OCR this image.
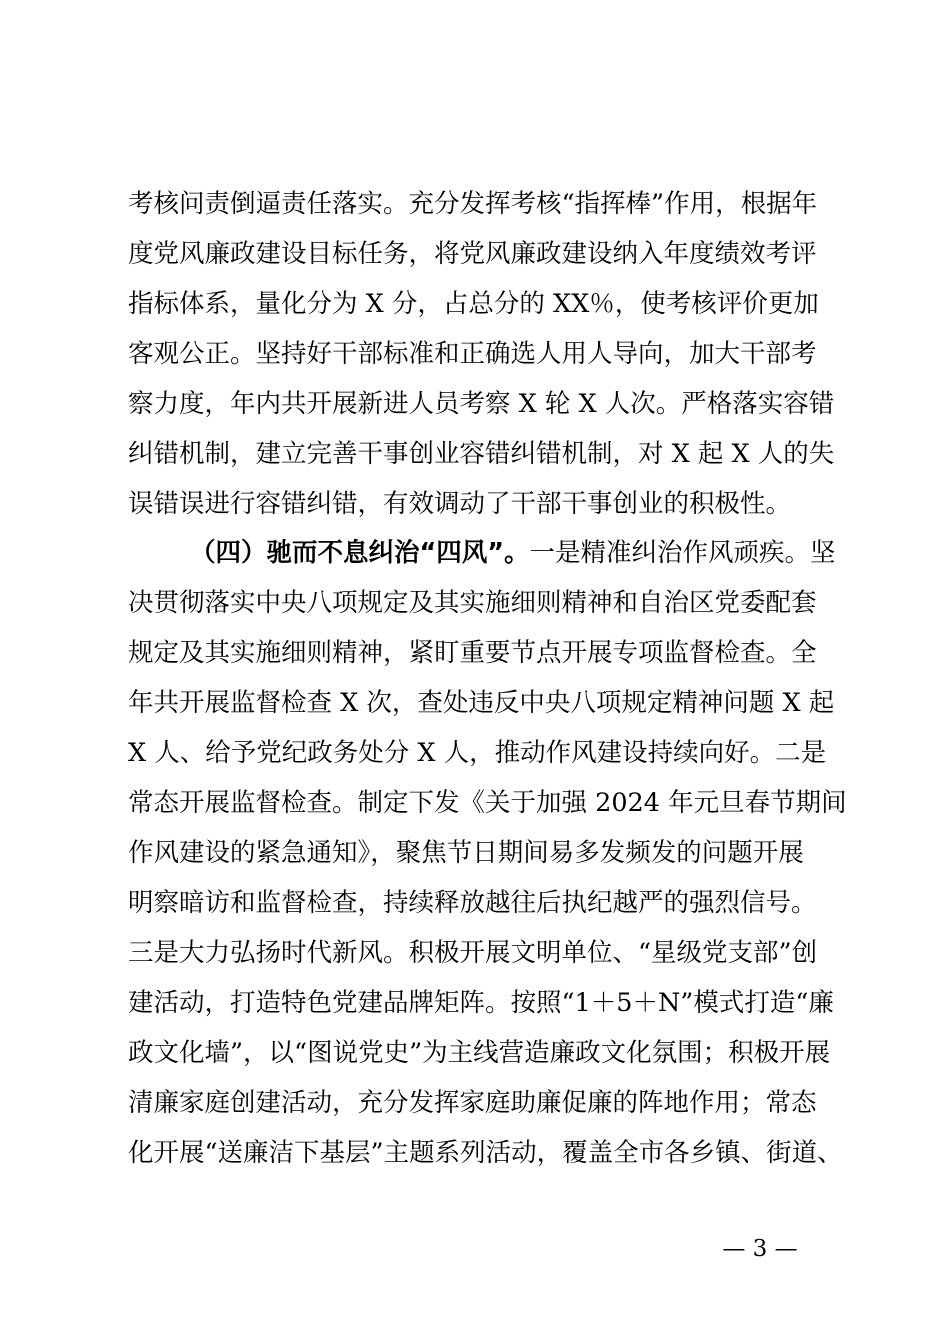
考核问责倒逼责任落实。充分发挥考核“指挥棒”作用，根据年
度党风廉政建设目标任务，将党风廉政建设纳入年度绩效考评
指标体系，量化分为 X 分，占总分的 XX％，使考核评价更加
客观公正。坚持好干部标准和正确选人用人导向，加大干部考
察力度，年内共开展新进人员考察 X 轮 X 人次。严格落实容错
纠错机制，建立完善干事创业容错纠错机制，对 X 起 X 人的失
误错误进行容错纠错，有效调动了干部干事创业的积极性。
（四）驰而不息纠治“四风”。一是精准纠治作风顽疾。坚
决贯彻落实中央八项规定及其实施细则精神和自治区党委配套
规定及其实施细则精神，紧盯重要节点开展专项监督检查。全
年共开展监督检查 X 次，查处违反中央八项规定精神问题 X 起
X 人、给予党纪政务处分 X 人，推动作风建设持续向好。二是
常态开展监督检查。制定下发《关于加强 2024 年元旦春节期间
作风建设的紧急通知》，聚焦节日期间易多发频发的问题开展
明察暗访和监督检查，持续释放越往后执纪越严的强烈信号。
三是大力弘扬时代新风。积极开展文明单位、“星级党支部”创
建活动，打造特色党建品牌矩阵。按照“1＋5＋N”模式打造“廉
政文化墙”，以“图说党史”为主线营造廉政文化氛围；积极开展
清廉家庭创建活动，充分发挥家庭助廉促廉的阵地作用；常态
化开展“送廉洁下基层”主题系列活动，覆盖全市各乡镇、街道、
— 3 —
